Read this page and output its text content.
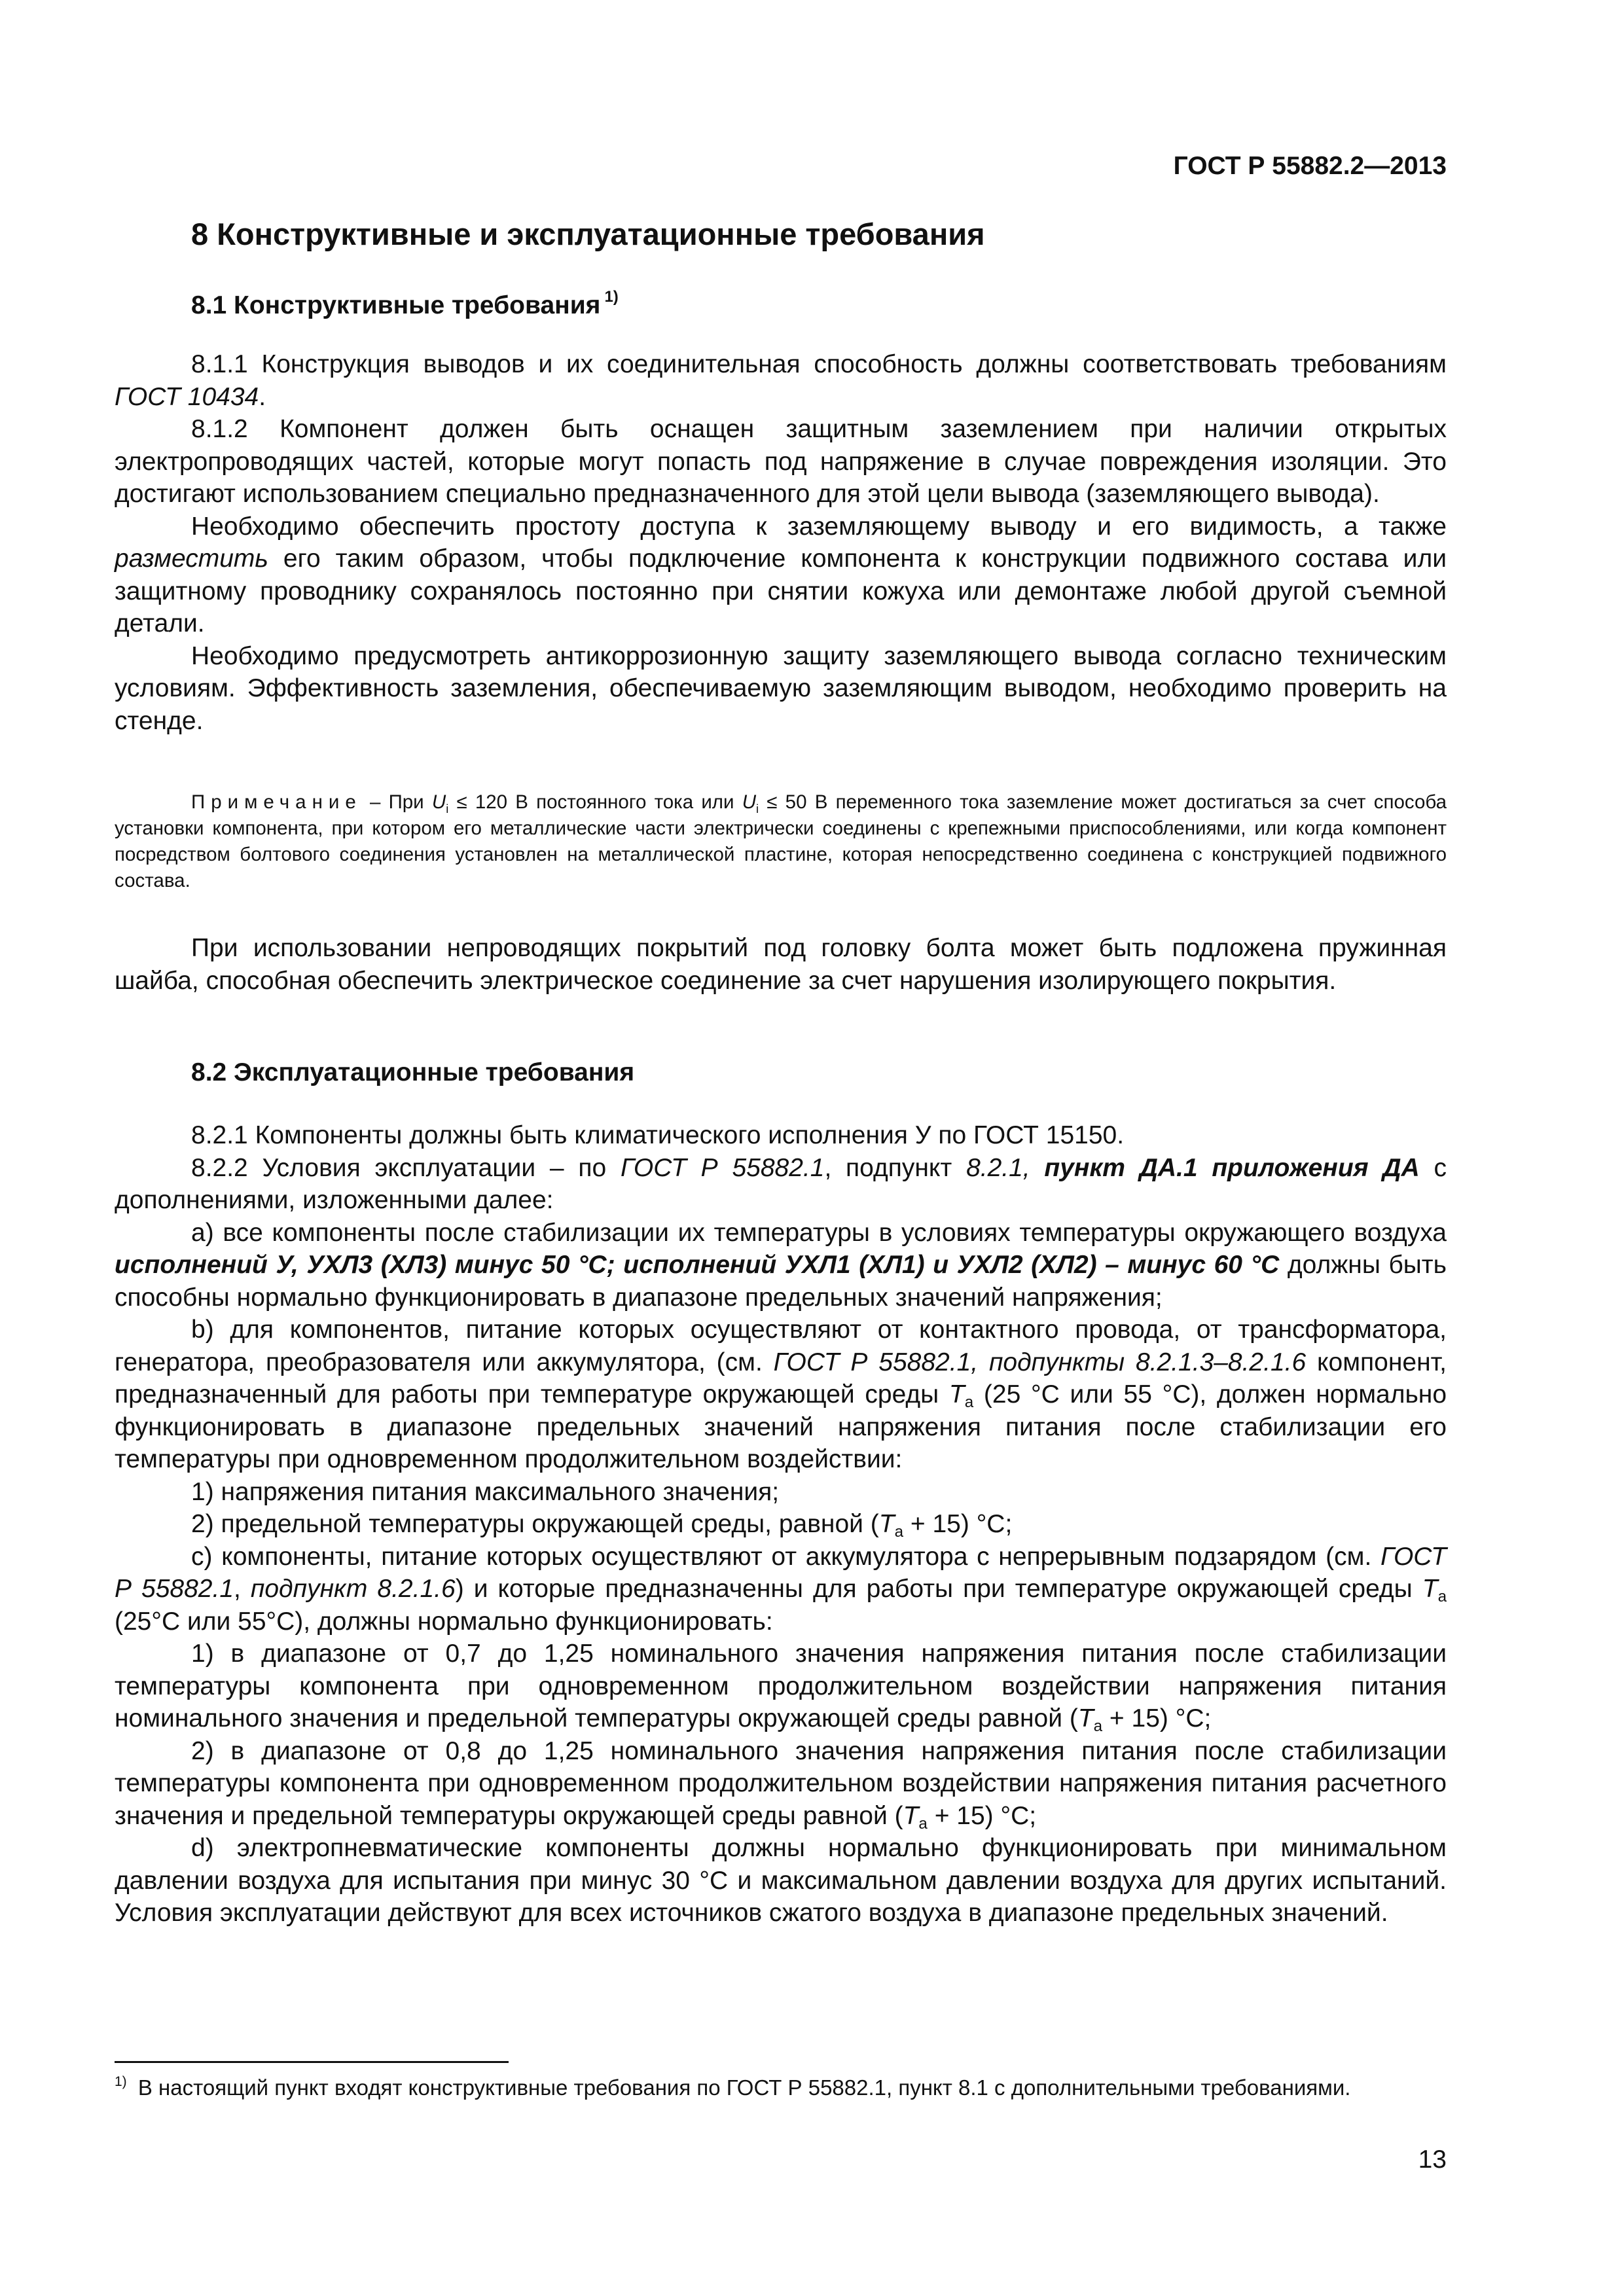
ГОСТ Р 55882.2—2013
8 Конструктивные и эксплуатационные требования
8.1 Конструктивные требования $^{1)}$

8.1.1 Конструкция выводов и их соединительная способность должны соответствовать требованиям ГОСТ 10434.

8.1.2 Компонент должен быть оснащен защитным заземлением при наличии открытых электропроводящих частей, которые могут попасть под напряжение в случае повреждения изоляции. Это достигают использованием специально предназначенного для этой цели вывода (заземляющего вывода).

Необходимо обеспечить простоту доступа к заземляющему выводу и его видимость, а также разместить его таким образом, чтобы подключение компонента к конструкции подвижного состава или защитному проводнику сохранялось постоянно при снятии кожуха или демонтаже любой другой съемной детали.

Необходимо предусмотреть антикоррозионную защиту заземляющего вывода согласно техническим условиям. Эффективность заземления, обеспечиваемую заземляющим выводом, необходимо проверить на стенде.

Примечание – При $U_i \le 120$ В постоянного тока или $U_i \le 50$ В переменного тока заземление может достигаться за счет способа установки компонента, при котором его металлические части электрически соединены с крепежными приспособлениями, или когда компонент посредством болтового соединения установлен на металлической пластине, которая непосредственно соединена с конструкцией подвижного состава.

При использовании непроводящих покрытий под головку болта может быть подложена пружинная шайба, способная обеспечить электрическое соединение за счет нарушения изолирующего покрытия.

8.2 Эксплуатационные требования

8.2.1 Компоненты должны быть климатического исполнения У по ГОСТ 15150.

8.2.2 Условия эксплуатации – по ГОСТ Р 55882.1, подпункт 8.2.1, пункт ДА.1 приложения ДА с дополнениями, изложенными далее:

a) все компоненты после стабилизации их температуры в условиях температуры окружающего воздуха исполнений У, УХЛ3 (ХЛ3) минус 50 °С; исполнений УХЛ1 (ХЛ1) и УХЛ2 (ХЛ2) – минус 60 °С должны быть способны нормально функционировать в диапазоне предельных значений напряжения;

b) для компонентов, питание которых осуществляют от контактного провода, от трансформатора, генератора, преобразователя или аккумулятора, (см. ГОСТ Р 55882.1, подпункты 8.2.1.3–8.2.1.6 компонент, предназначенный для работы при температуре окружающей среды $T_a$ (25 °С или 55 °С), должен нормально функционировать в диапазоне предельных значений напряжения питания после стабилизации его температуры при одновременном продолжительном воздействии:

1) напряжения питания максимального значения;

2) предельной температуры окружающей среды, равной $(T_a + 15)$ °С;

c) компоненты, питание которых осуществляют от аккумулятора с непрерывным подзарядом (см. ГОСТ Р 55882.1, подпункт 8.2.1.6) и которые предназначенны для работы при температуре окружающей среды $T_a$ (25°С или 55°С), должны нормально функционировать:

1) в диапазоне от 0,7 до 1,25 номинального значения напряжения питания после стабилизации температуры компонента при одновременном продолжительном воздействии напряжения питания номинального значения и предельной температуры окружающей среды равной $(T_a + 15)$ °С;

2) в диапазоне от 0,8 до 1,25 номинального значения напряжения питания после стабилизации температуры компонента при одновременном продолжительном воздействии напряжения питания расчетного значения и предельной температуры окружающей среды равной $(T_a + 15)$ °С;

d) электропневматические компоненты должны нормально функционировать при минимальном давлении воздуха для испытания при минус 30 °С и максимальном давлении воздуха для других испытаний. Условия эксплуатации действуют для всех источников сжатого воздуха в диапазоне предельных значений.

$^{1)}$ В настоящий пункт входят конструктивные требования по ГОСТ Р 55882.1, пункт 8.1 с дополнительными требованиями.
13
